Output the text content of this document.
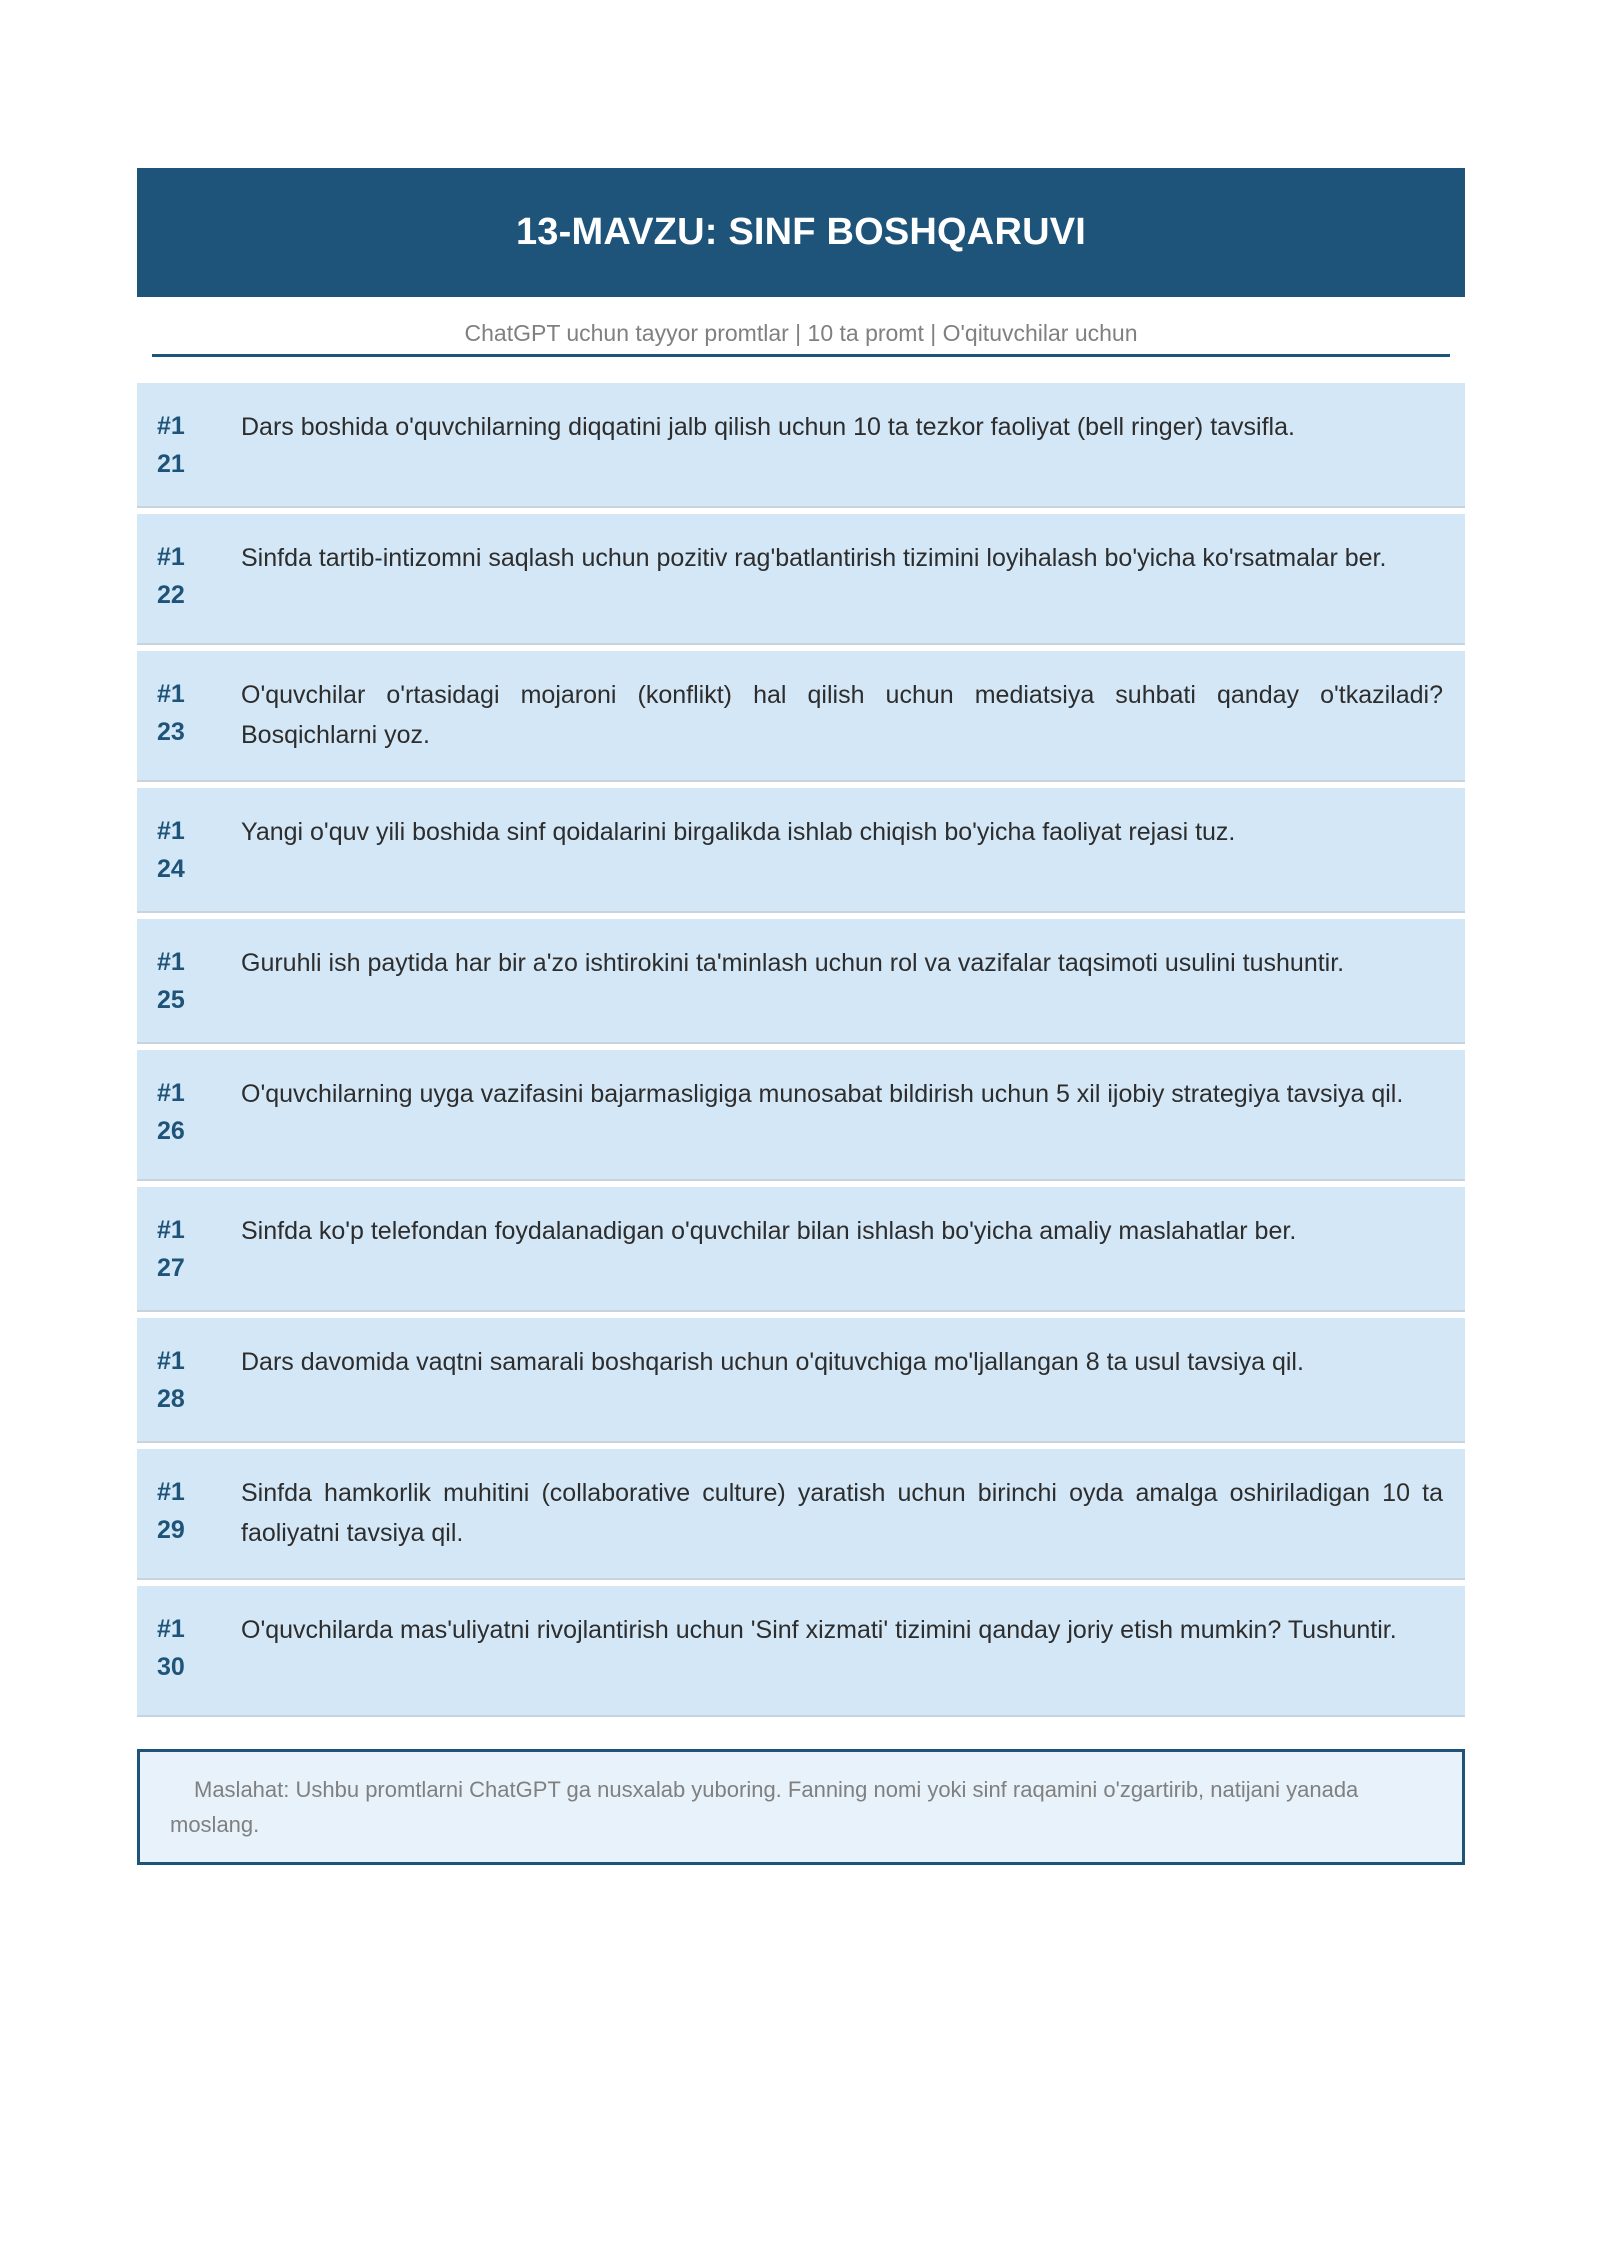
13-MAVZU: SINF BOSHQARUVI
ChatGPT uchun tayyor promtlar | 10 ta promt | O'qituvchilar uchun
#1
21
Dars boshida o'quvchilarning diqqatini jalb qilish uchun 10 ta tezkor faoliyat (bell ringer) tavsifla.
#1
22
Sinfda tartib-intizomni saqlash uchun pozitiv rag'batlantirish tizimini loyihalash bo'yicha ko'rsatmalar ber.
#1
23
O'quvchilar o'rtasidagi mojaroni (konflikt) hal qilish uchun mediatsiya suhbati qanday o'tkaziladi? Bosqichlarni yoz.
#1
24
Yangi o'quv yili boshida sinf qoidalarini birgalikda ishlab chiqish bo'yicha faoliyat rejasi tuz.
#1
25
Guruhli ish paytida har bir a'zo ishtirokini ta'minlash uchun rol va vazifalar taqsimoti usulini tushuntir.
#1
26
O'quvchilarning uyga vazifasini bajarmasligiga munosabat bildirish uchun 5 xil ijobiy strategiya tavsiya qil.
#1
27
Sinfda ko'p telefondan foydalanadigan o'quvchilar bilan ishlash bo'yicha amaliy maslahatlar ber.
#1
28
Dars davomida vaqtni samarali boshqarish uchun o'qituvchiga mo'ljallangan 8 ta usul tavsiya qil.
#1
29
Sinfda hamkorlik muhitini (collaborative culture) yaratish uchun birinchi oyda amalga oshiriladigan 10 ta faoliyatni tavsiya qil.
#1
30
O'quvchilarda mas'uliyatni rivojlantirish uchun 'Sinf xizmati' tizimini qanday joriy etish mumkin? Tushuntir.
Maslahat: Ushbu promtlarni ChatGPT ga nusxalab yuboring. Fanning nomi yoki sinf raqamini o'zgartirib, natijani yanada moslang.
